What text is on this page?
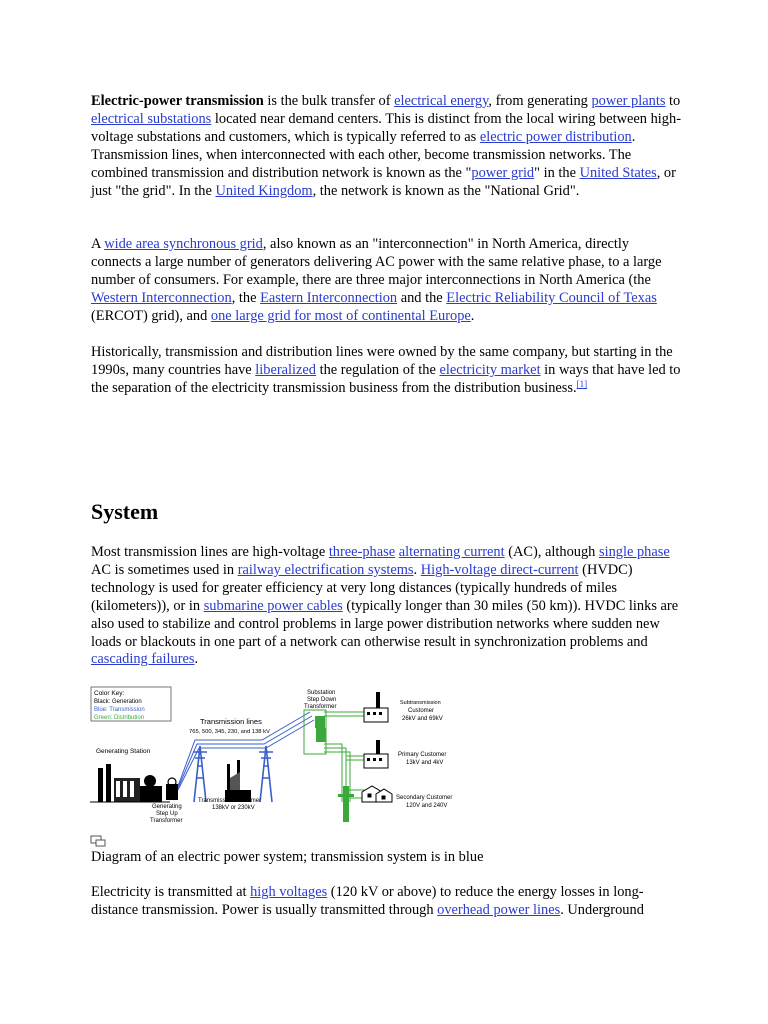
Electric-power transmission is the bulk transfer of electrical energy, from generating power plants to electrical substations located near demand centers. This is distinct from the local wiring between high-voltage substations and customers, which is typically referred to as electric power distribution. Transmission lines, when interconnected with each other, become transmission networks. The combined transmission and distribution network is known as the "power grid" in the United States, or just "the grid". In the United Kingdom, the network is known as the "National Grid".

A wide area synchronous grid, also known as an "interconnection" in North America, directly connects a large number of generators delivering AC power with the same relative phase, to a large number of consumers. For example, there are three major interconnections in North America (the Western Interconnection, the Eastern Interconnection and the Electric Reliability Council of Texas (ERCOT) grid), and one large grid for most of continental Europe.

Historically, transmission and distribution lines were owned by the same company, but starting in the 1990s, many countries have liberalized the regulation of the electricity market in ways that have led to the separation of the electricity transmission business from the distribution business.[1]

System

Most transmission lines are high-voltage three-phase alternating current (AC), although single phase AC is sometimes used in railway electrification systems. High-voltage direct-current (HVDC) technology is used for greater efficiency at very long distances (typically hundreds of miles (kilometers)), or in submarine power cables (typically longer than 30 miles (50 km)). HVDC links are also used to stabilize and control problems in large power distribution networks where sudden new loads or blackouts in one part of a network can otherwise result in synchronization problems and cascading failures.

Color Key:
Black: Generation
Blue: Transmission
Green: Distribution
Generating Station
Generating
Step Up
Transformer
Transmission lines
765, 500, 345, 230, and 138 kV
Transmission Customer
138kV or 230kV
Substation
Step Down
Transformer
Subtransmission
Customer
26kV and 69kV
Primary Customer
13kV and 4kV
Secondary Customer
120V and 240V

Diagram of an electric power system; transmission system is in blue

Electricity is transmitted at high voltages (120 kV or above) to reduce the energy losses in long-distance transmission. Power is usually transmitted through overhead power lines. Underground
